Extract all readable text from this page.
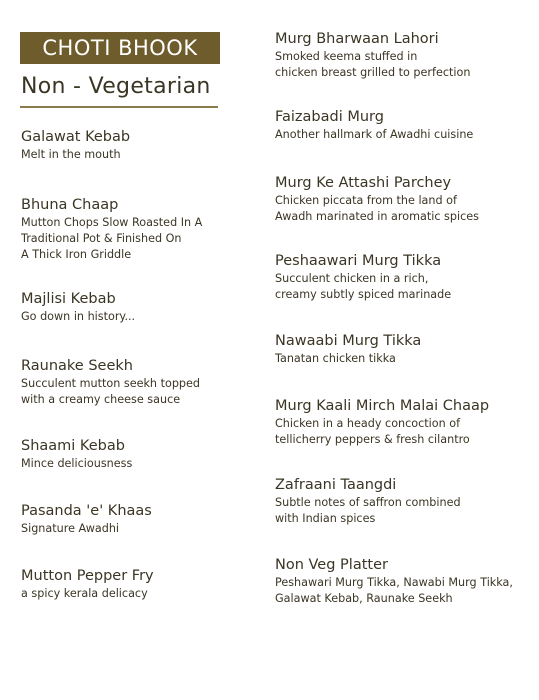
CHOTI BHOOK
Non - Vegetarian
Galawat Kebab
Melt in the mouth
Bhuna Chaap
Mutton Chops Slow Roasted In A
Traditional Pot & Finished On
A Thick Iron Griddle
Majlisi Kebab
Go down in history...
Raunake Seekh
Succulent mutton seekh topped
with a creamy cheese sauce
Shaami Kebab
Mince deliciousness
Pasanda 'e' Khaas
Signature Awadhi
Mutton Pepper Fry
a spicy kerala delicacy
Murg Bharwaan Lahori
Smoked keema stuffed in
chicken breast grilled to perfection
Faizabadi Murg
Another hallmark of Awadhi cuisine
Murg Ke Attashi Parchey
Chicken piccata from the land of
Awadh marinated in aromatic spices
Peshaawari Murg Tikka
Succulent chicken in a rich,
creamy subtly spiced marinade
Nawaabi Murg Tikka
Tanatan chicken tikka
Murg Kaali Mirch Malai Chaap
Chicken in a heady concoction of
tellicherry peppers & fresh cilantro
Zafraani Taangdi
Subtle notes of saffron combined
with Indian spices
Non Veg Platter
Peshawari Murg Tikka, Nawabi Murg Tikka,
Galawat Kebab, Raunake Seekh
